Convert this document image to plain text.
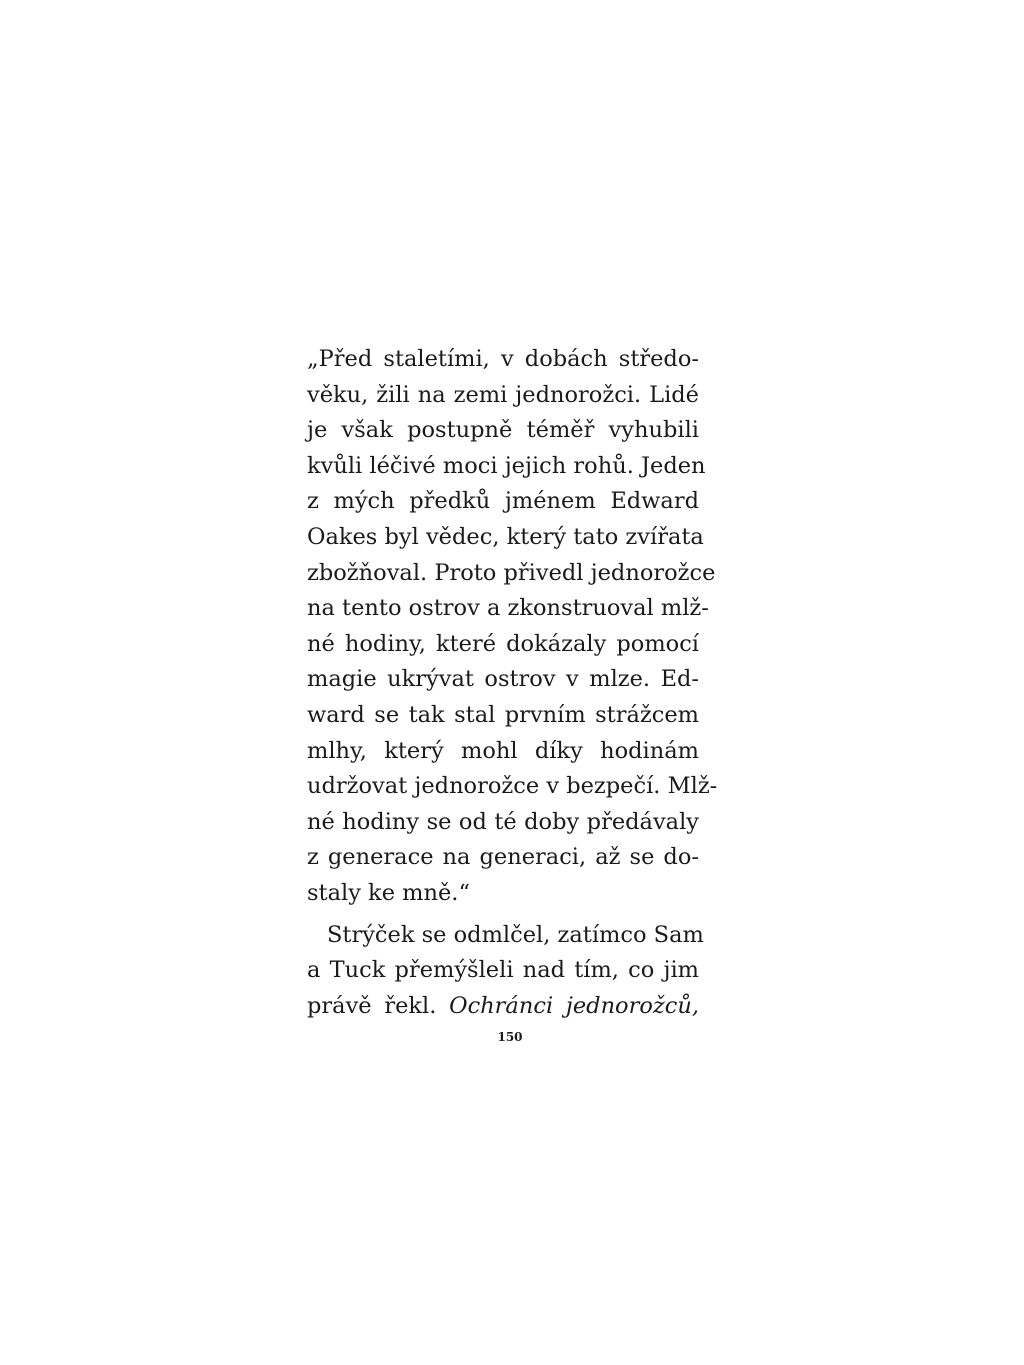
„Před staletími, v dobách středo-
věku, žili na zemi jednorožci. Lidé
je však postupně téměř vyhubili
kvůli léčivé moci jejich rohů. Jeden
z mých předků jménem Edward
Oakes byl vědec, který tato zvířata
zbožňoval. Proto přivedl jednorožce
na tento ostrov a zkonstruoval mlž-
né hodiny, které dokázaly pomocí
magie ukrývat ostrov v mlze. Ed-
ward se tak stal prvním strážcem
mlhy, který mohl díky hodinám
udržovat jednorožce v bezpečí. Mlž-
né hodiny se od té doby předávaly
z generace na generaci, až se do-
staly ke mně.“
Strýček se odmlčel, zatímco Sam
a Tuck přemýšleli nad tím, co jim
právě řekl. Ochránci jednorožců,
150
